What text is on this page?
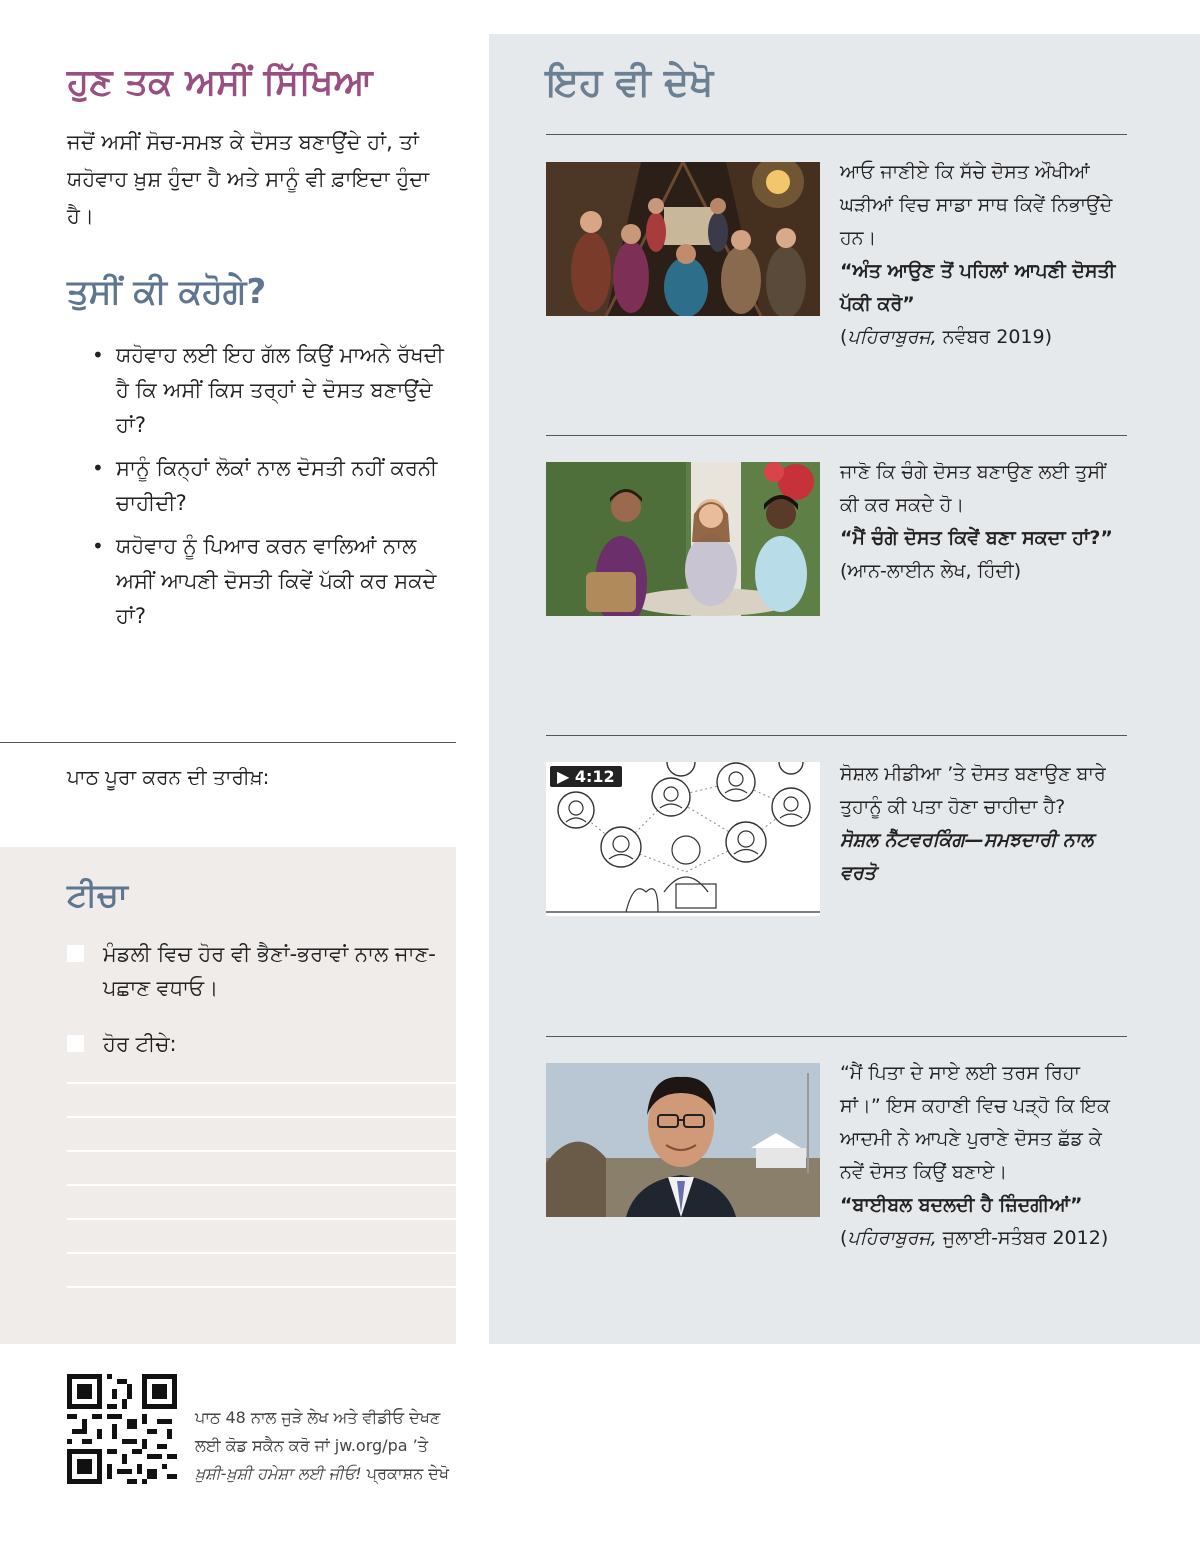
ਹੁਣ ਤਕ ਅਸੀਂ ਸਿੱਖਿਆ

ਜਦੋਂ ਅਸੀਂ ਸੋਚ-ਸਮਝ ਕੇ ਦੋਸਤ ਬਣਾਉਂਦੇ ਹਾਂ, ਤਾਂ ਯਹੋਵਾਹ ਖ਼ੁਸ਼ ਹੁੰਦਾ ਹੈ ਅਤੇ ਸਾਨੂੰ ਵੀ ਫ਼ਾਇਦਾ ਹੁੰਦਾ ਹੈ।

ਤੁਸੀਂ ਕੀ ਕਹੋਗੇ?
• ਯਹੋਵਾਹ ਲਈ ਇਹ ਗੱਲ ਕਿਉਂ ਮਾਅਨੇ ਰੱਖਦੀ ਹੈ ਕਿ ਅਸੀਂ ਕਿਸ ਤਰ੍ਹਾਂ ਦੇ ਦੋਸਤ ਬਣਾਉਂਦੇ ਹਾਂ?
• ਸਾਨੂੰ ਕਿਨ੍ਹਾਂ ਲੋਕਾਂ ਨਾਲ ਦੋਸਤੀ ਨਹੀਂ ਕਰਨੀ ਚਾਹੀਦੀ?
• ਯਹੋਵਾਹ ਨੂੰ ਪਿਆਰ ਕਰਨ ਵਾਲਿਆਂ ਨਾਲ ਅਸੀਂ ਆਪਣੀ ਦੋਸਤੀ ਕਿਵੇਂ ਪੱਕੀ ਕਰ ਸਕਦੇ ਹਾਂ?
ਪਾਠ ਪੂਰਾ ਕਰਨ ਦੀ ਤਾਰੀਖ਼:
ਟੀਚਾ
ਮੰਡਲੀ ਵਿਚ ਹੋਰ ਵੀ ਭੈਣਾਂ-ਭਰਾਵਾਂ ਨਾਲ ਜਾਣ-ਪਛਾਣ ਵਧਾਓ।
ਹੋਰ ਟੀਚੇ:
ਇਹ ਵੀ ਦੇਖੋ
ਆਓ ਜਾਣੀਏ ਕਿ ਸੱਚੇ ਦੋਸਤ ਔਖੀਆਂ ਘੜੀਆਂ ਵਿਚ ਸਾਡਾ ਸਾਥ ਕਿਵੇਂ ਨਿਭਾਉਂਦੇ ਹਨ।
“ਅੰਤ ਆਉਣ ਤੋਂ ਪਹਿਲਾਂ ਆਪਣੀ ਦੋਸਤੀ ਪੱਕੀ ਕਰੋ”
(ਪਹਿਰਾਬੁਰਜ, ਨਵੰਬਰ 2019)
ਜਾਣੋ ਕਿ ਚੰਗੇ ਦੋਸਤ ਬਣਾਉਣ ਲਈ ਤੁਸੀਂ ਕੀ ਕਰ ਸਕਦੇ ਹੋ।
“ਮੈਂ ਚੰਗੇ ਦੋਸਤ ਕਿਵੇਂ ਬਣਾ ਸਕਦਾ ਹਾਂ?” (ਆਨ-ਲਾਈਨ ਲੇਖ, ਹਿੰਦੀ)
▶ 4:12	ਸੋਸ਼ਲ ਮੀਡੀਆ ’ਤੇ ਦੋਸਤ ਬਣਾਉਣ ਬਾਰੇ ਤੁਹਾਨੂੰ ਕੀ ਪਤਾ ਹੋਣਾ ਚਾਹੀਦਾ ਹੈ?
ਸੋਸ਼ਲ ਨੈੱਟਵਰਕਿੰਗ—ਸਮਝਦਾਰੀ ਨਾਲ ਵਰਤੋ
“ਮੈਂ ਪਿਤਾ ਦੇ ਸਾਏ ਲਈ ਤਰਸ ਰਿਹਾ ਸਾਂ।” ਇਸ ਕਹਾਣੀ ਵਿਚ ਪੜ੍ਹੋ ਕਿ ਇਕ ਆਦਮੀ ਨੇ ਆਪਣੇ ਪੁਰਾਣੇ ਦੋਸਤ ਛੱਡ ਕੇ ਨਵੇਂ ਦੋਸਤ ਕਿਉਂ ਬਣਾਏ।
“ਬਾਈਬਲ ਬਦਲਦੀ ਹੈ ਜ਼ਿੰਦਗੀਆਂ” (ਪਹਿਰਾਬੁਰਜ, ਜੁਲਾਈ-ਸਤੰਬਰ 2012)
ਪਾਠ 48 ਨਾਲ ਜੁੜੇ ਲੇਖ ਅਤੇ ਵੀਡੀਓ ਦੇਖਣ
ਲਈ ਕੋਡ ਸਕੈਨ ਕਰੋ ਜਾਂ jw.org/pa ’ਤੇ
ਖ਼ੁਸ਼ੀ-ਖ਼ੁਸ਼ੀ ਹਮੇਸ਼ਾ ਲਈ ਜੀਓ! ਪ੍ਰਕਾਸ਼ਨ ਦੇਖੋ
